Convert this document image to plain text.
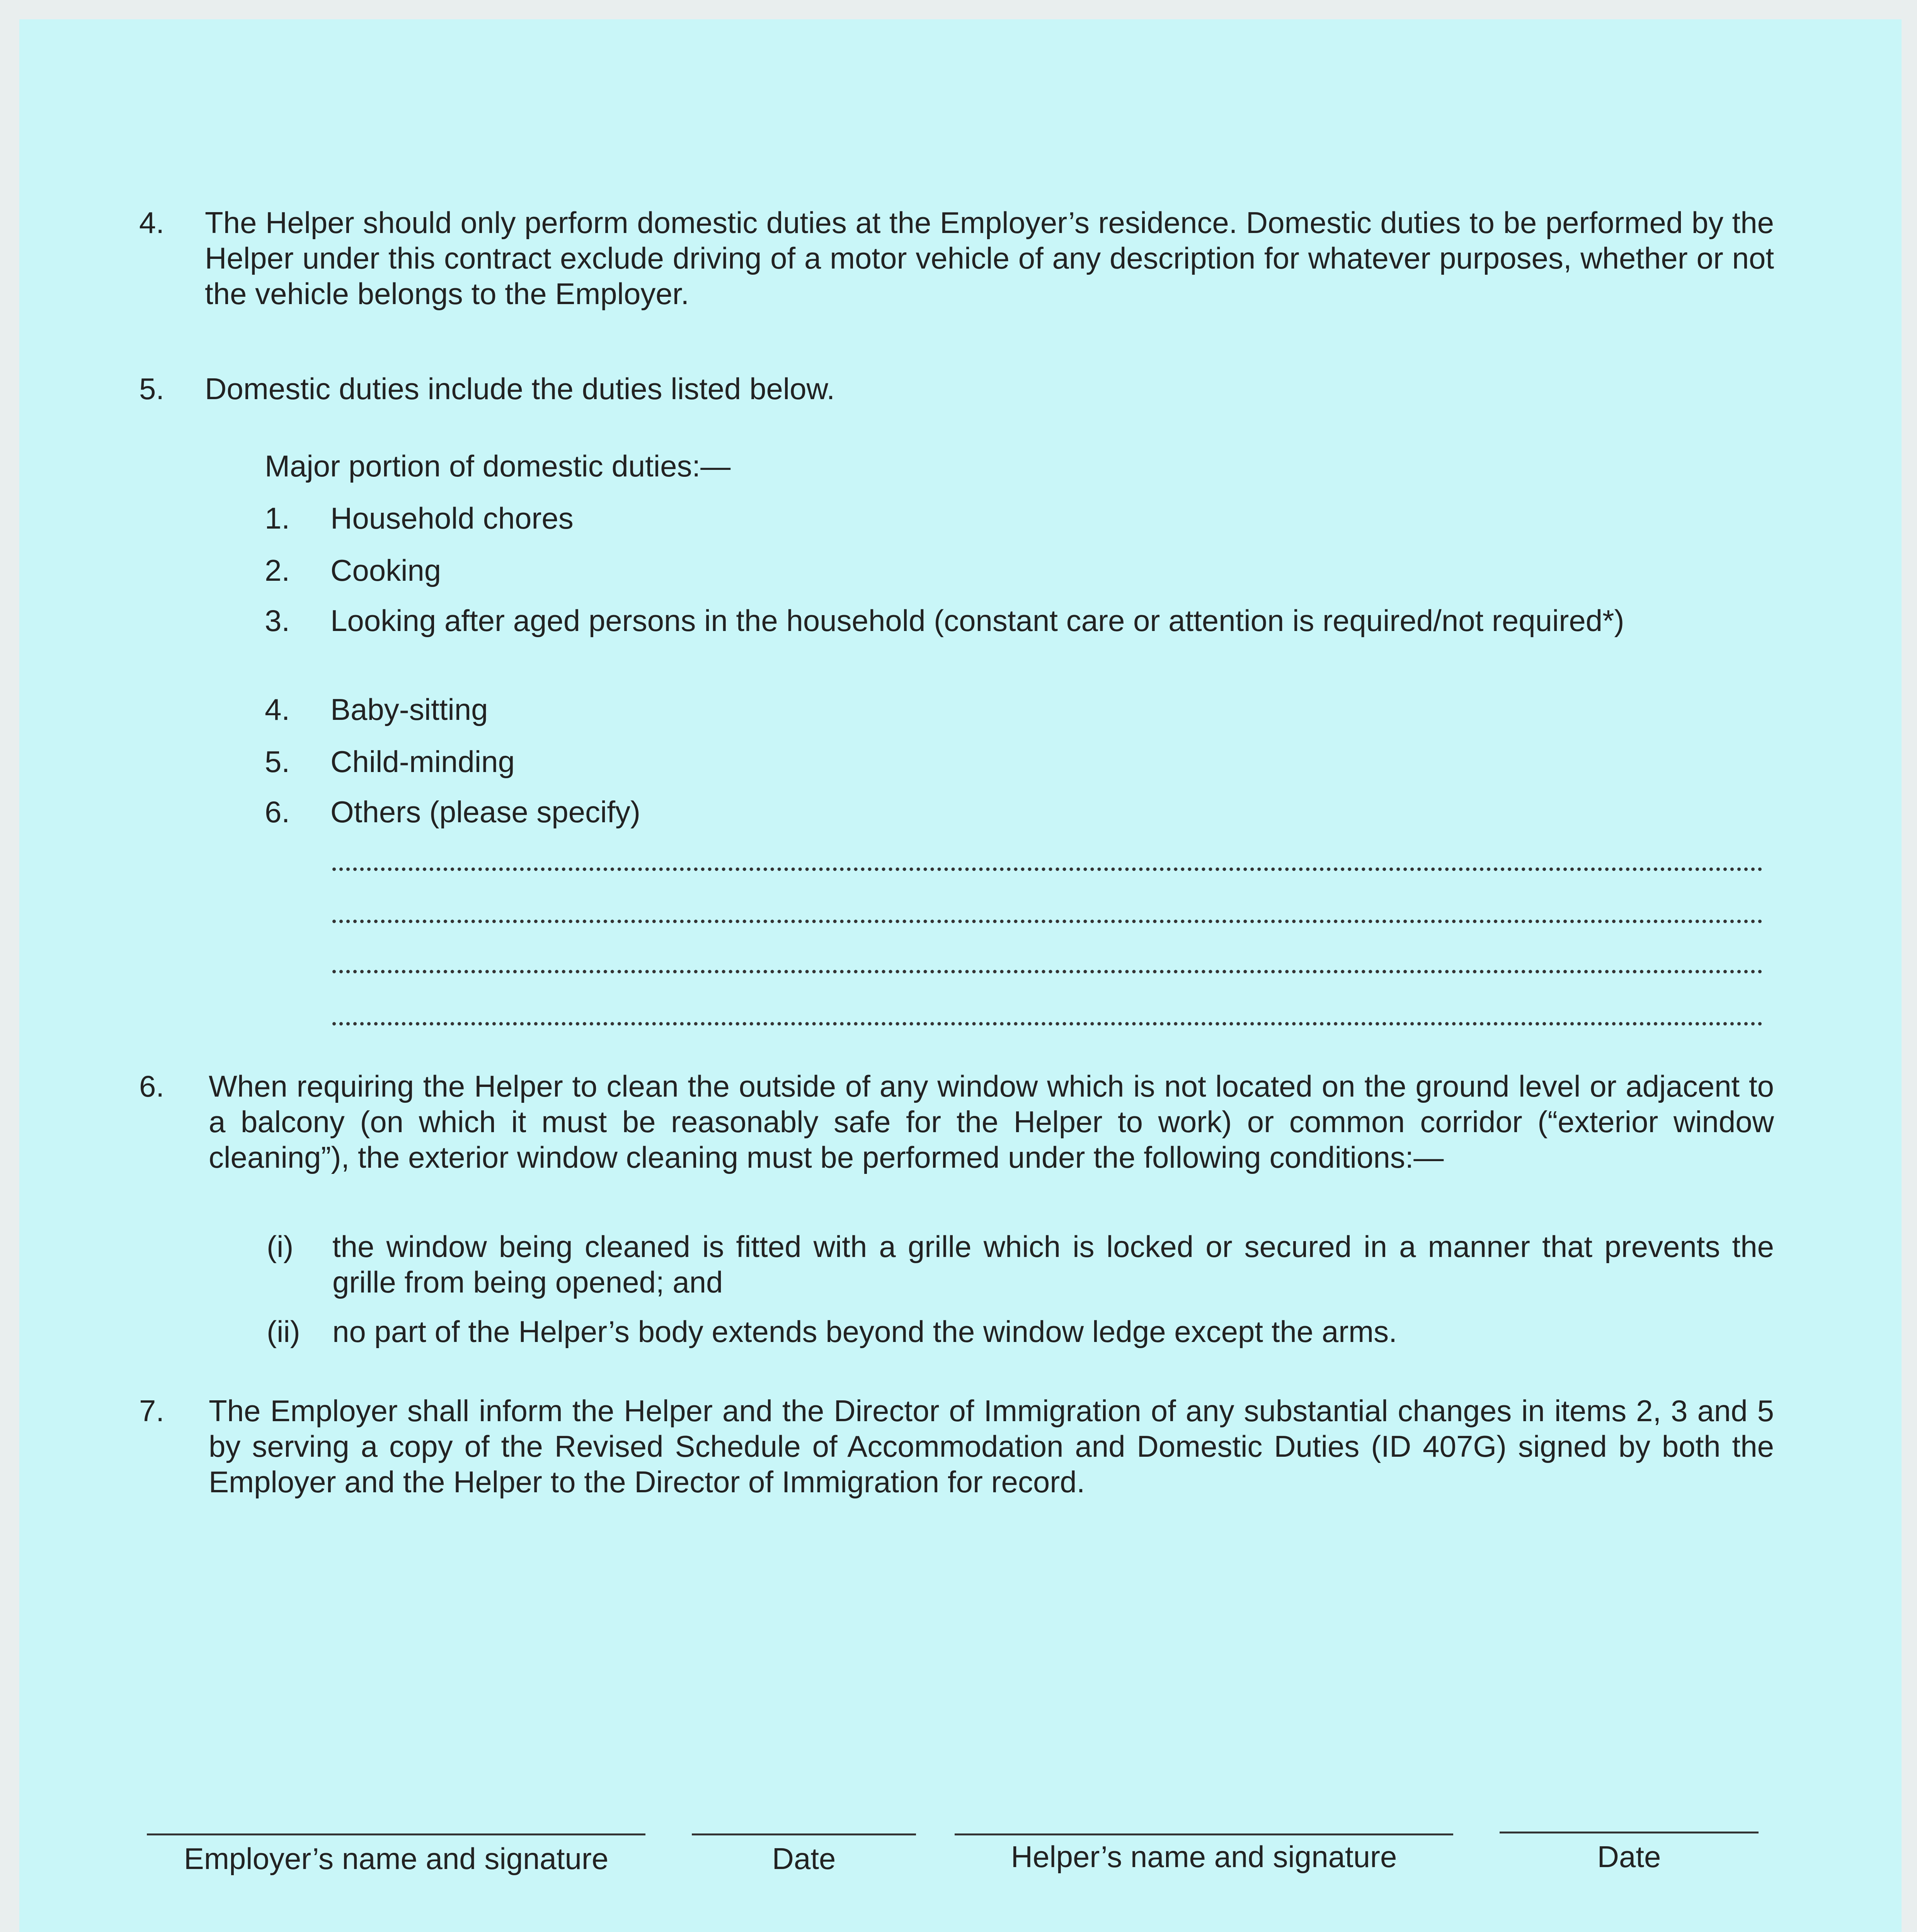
4. The Helper should only perform domestic duties at the Employer’s residence. Domestic duties to be performed by the Helper under this contract exclude driving of a motor vehicle of any description for whatever purposes, whether or not the vehicle belongs to the Employer.
5. Domestic duties include the duties listed below.
Major portion of domestic duties:—
1. Household chores
2. Cooking
3. Looking after aged persons in the household (constant care or attention is required/not required*)
4. Baby-sitting
5. Child-minding
6. Others (please specify)
6. When requiring the Helper to clean the outside of any window which is not located on the ground level or adjacent to a balcony (on which it must be reasonably safe for the Helper to work) or common corridor (“exterior window cleaning”), the exterior window cleaning must be performed under the following conditions:—
(i) the window being cleaned is fitted with a grille which is locked or secured in a manner that prevents the grille from being opened; and
(ii) no part of the Helper’s body extends beyond the window ledge except the arms.
7. The Employer shall inform the Helper and the Director of Immigration of any substantial changes in items 2, 3 and 5 by serving a copy of the Revised Schedule of Accommodation and Domestic Duties (ID 407G) signed by both the Employer and the Helper to the Director of Immigration for record.
Employer’s name and signature	Date	Helper’s name and signature	Date
